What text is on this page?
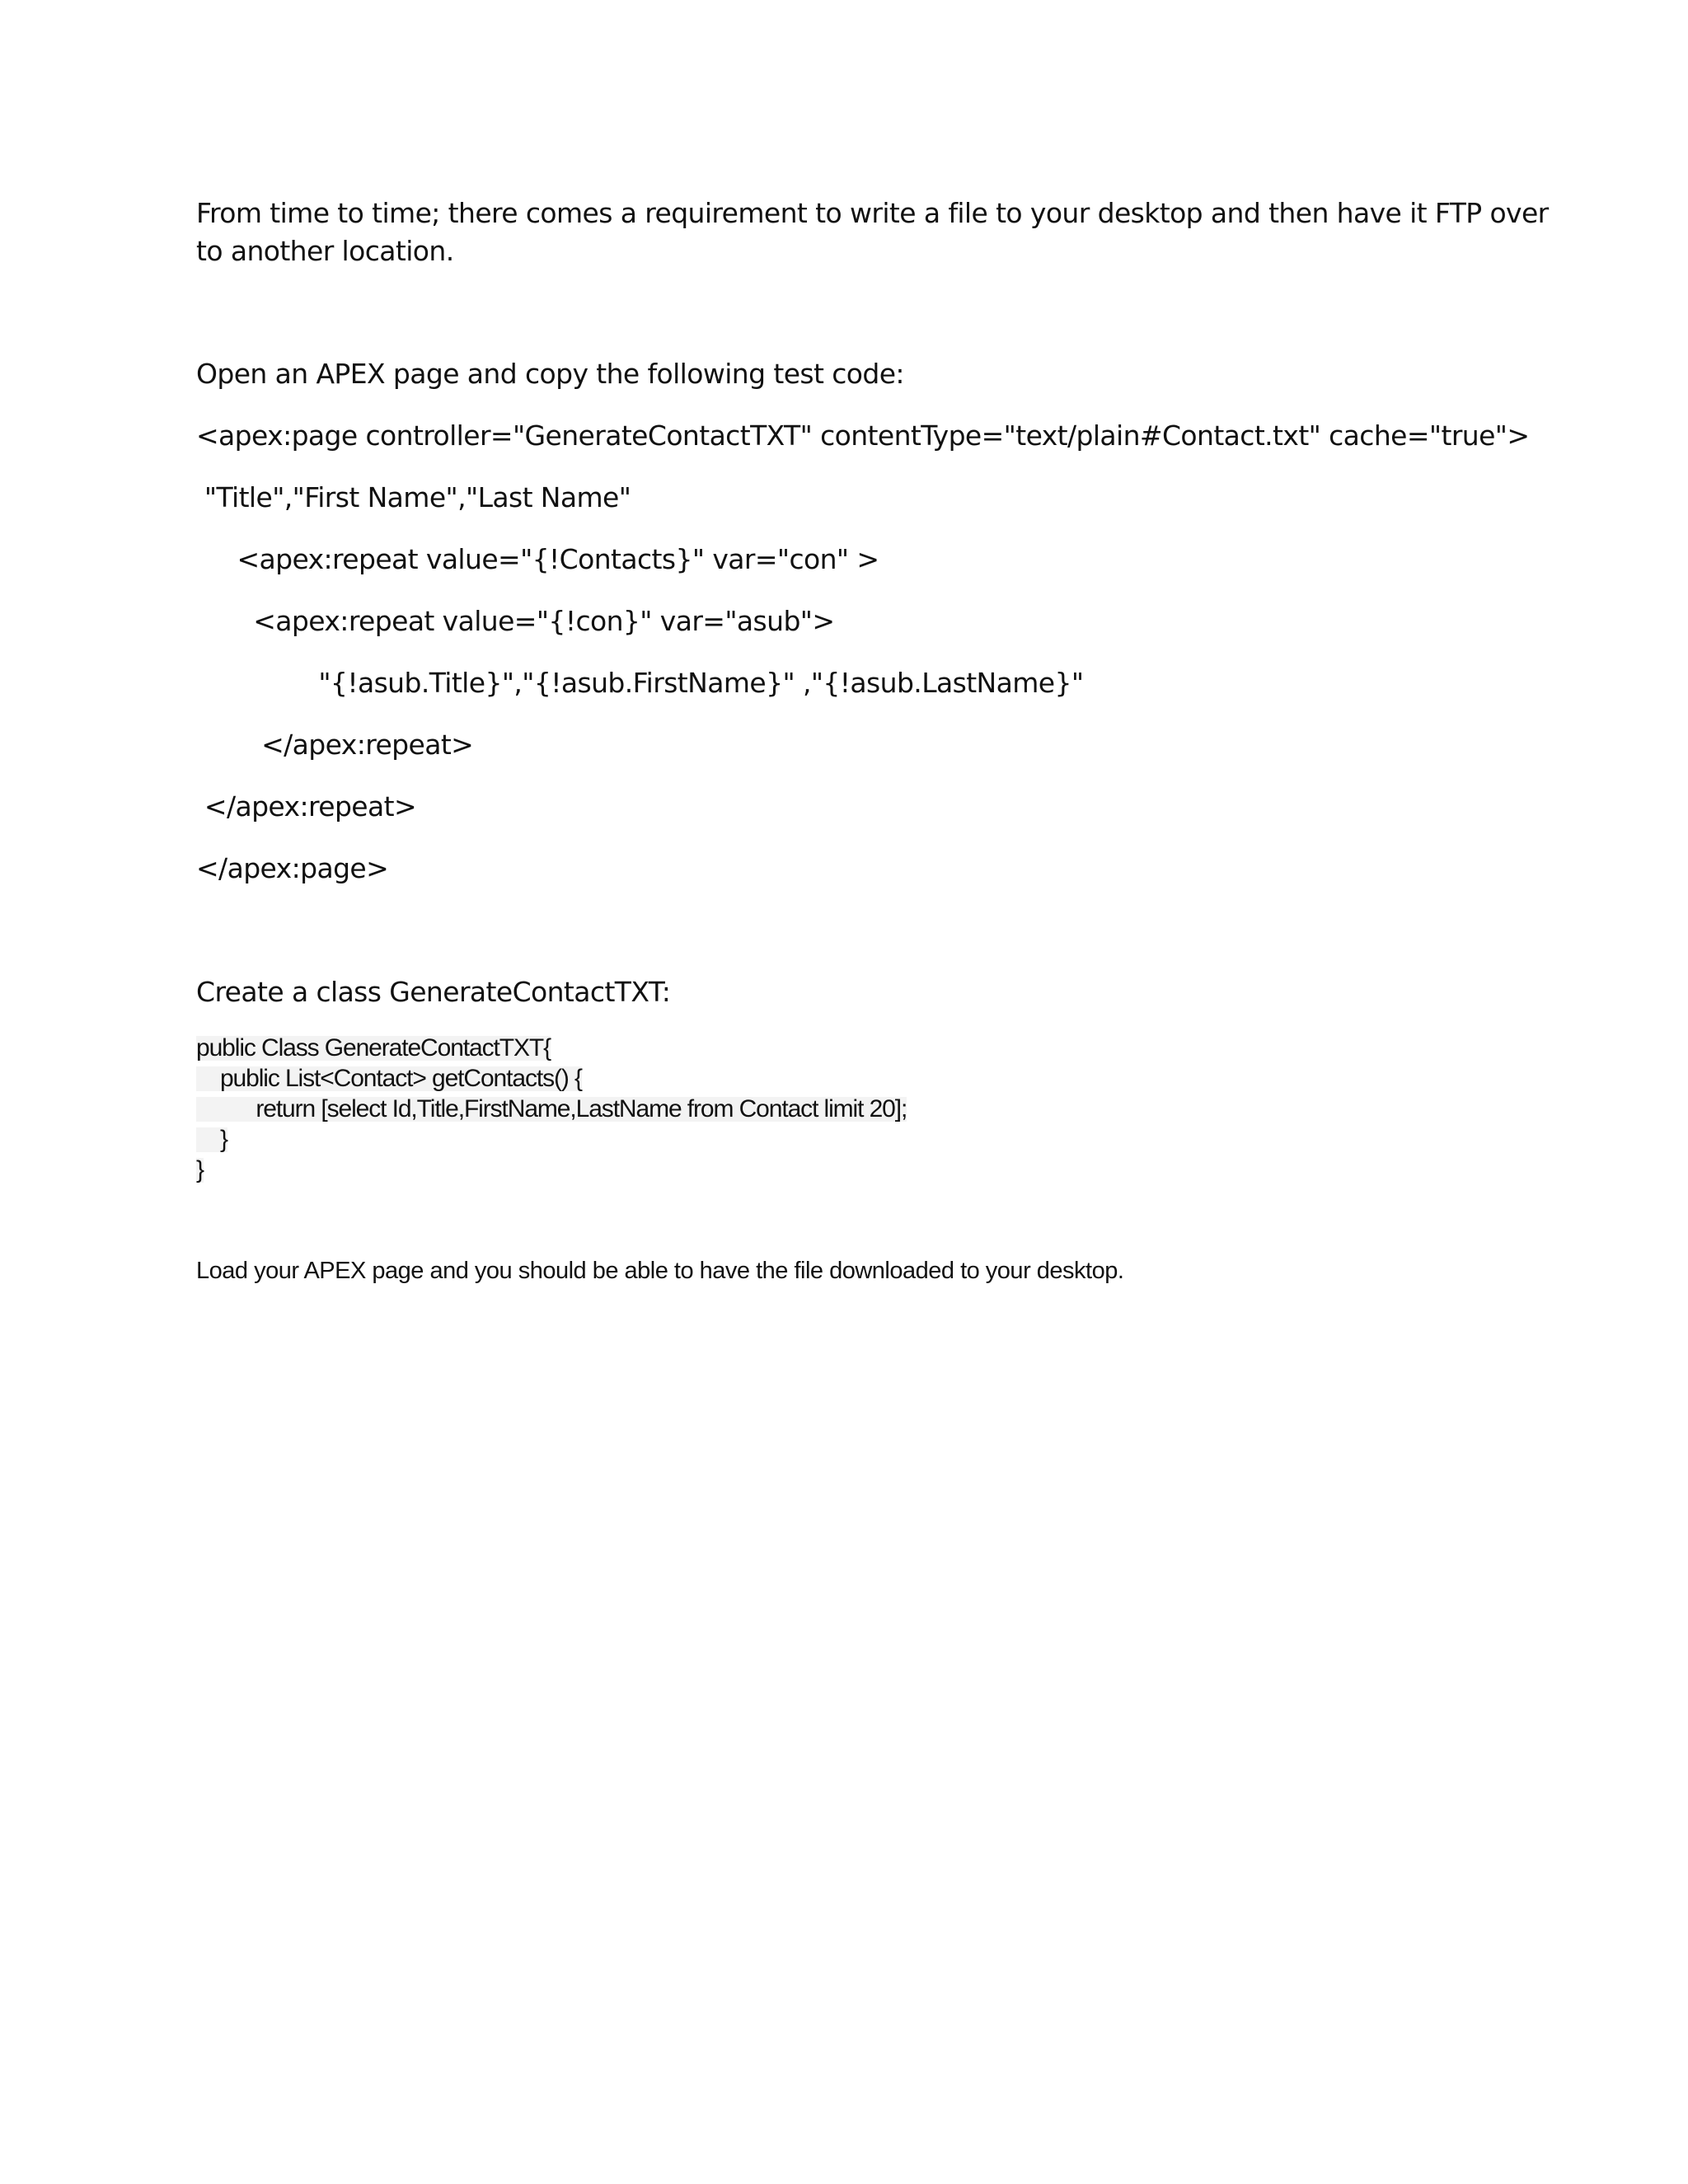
From time to time; there comes a requirement to write a file to your desktop and then have it FTP over
to another location.
Open an APEX page and copy the following test code:
<apex:page controller="GenerateContactTXT" contentType="text/plain#Contact.txt" cache="true">
"Title","First Name","Last Name"
<apex:repeat value="{!Contacts}" var="con" >
<apex:repeat value="{!con}" var="asub">
"{!asub.Title}","{!asub.FirstName}" ,"{!asub.LastName}"
</apex:repeat>
</apex:repeat>
</apex:page>
Create a class GenerateContactTXT:
public Class GenerateContactTXT{
public List<Contact> getContacts() {
return [select Id,Title,FirstName,LastName from Contact limit 20];
}
}
Load your APEX page and you should be able to have the file downloaded to your desktop.
